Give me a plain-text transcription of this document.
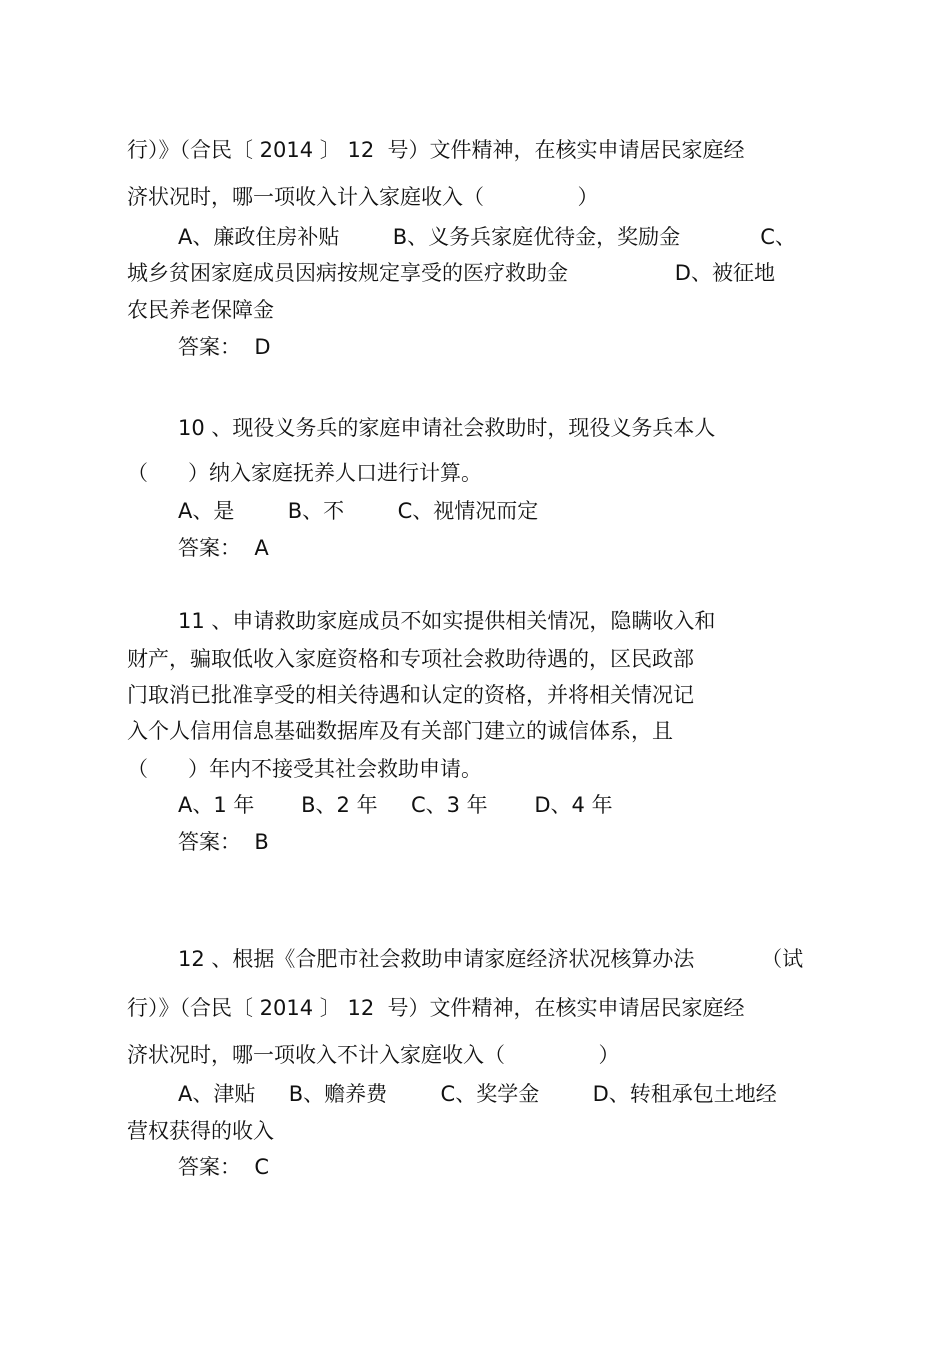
行）》（合民〔 2014 〕 12  号）文件精神，在核实申请居民家庭经
济状况时，哪一项收入计入家庭收入（              ）
A、廉政住房补贴        B、义务兵家庭优待金，奖励金            C、
城乡贫困家庭成员因病按规定享受的医疗救助金                D、被征地
农民养老保障金
答案：  D
10 、现役义务兵的家庭申请社会救助时，现役义务兵本人
（      ）纳入家庭抚养人口进行计算。
A、是        B、不        C、视情况而定
答案：  A
11 、申请救助家庭成员不如实提供相关情况，隐瞒收入和
财产，骗取低收入家庭资格和专项社会救助待遇的，区民政部
门取消已批准享受的相关待遇和认定的资格，并将相关情况记
入个人信用信息基础数据库及有关部门建立的诚信体系，且
（      ）年内不接受其社会救助申请。
A、1 年       B、2 年     C、3 年       D、4 年
答案：  B
12 、根据《合肥市社会救助申请家庭经济状况核算办法          （试
行）》（合民〔 2014 〕 12  号）文件精神，在核实申请居民家庭经
济状况时，哪一项收入不计入家庭收入（              ）
A、津贴     B、赡养费        C、奖学金        D、转租承包土地经
营权获得的收入
答案：  C
